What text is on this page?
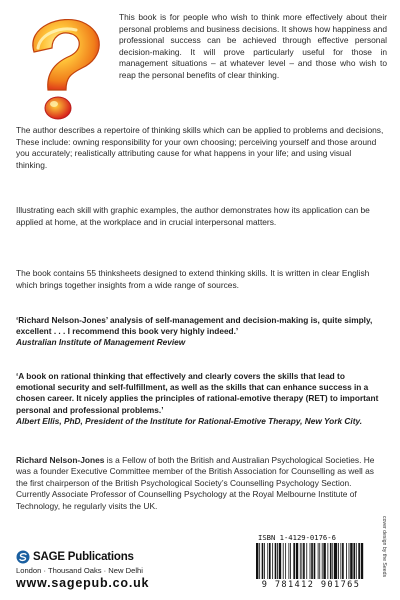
This book is for people who wish to think more effectively about their personal problems and business decisions. It shows how happiness and professional success can be achieved through effective personal decision-making. It will prove particularly useful for those in management situations – at whatever level – and those who wish to reap the personal benefits of clear thinking.
The author describes a repertoire of thinking skills which can be applied to problems and decisions, These include: owning responsibility for your own choosing; perceiving yourself and those around you accurately; realistically attributing cause for what happens in your life; and using visual thinking.
Illustrating each skill with graphic examples, the author demonstrates how its application can be applied at home, at the workplace and in crucial interpersonal matters.
The book contains 55 thinksheets designed to extend thinking skills. It is written in clear English which brings together insights from a wide range of sources.
‘Richard Nelson-Jones’ analysis of self-management and decision-making is, quite simply, excellent . . . I recommend this book very highly indeed.’
Australian Institute of Management Review
‘A book on rational thinking that effectively and clearly covers the skills that lead to emotional security and self-fulfillment, as well as the skills that can enhance success in a chosen career. It nicely applies the principles of rational-emotive therapy (RET) to important personal and professional problems.’
Albert Ellis, PhD, President of the Institute for Rational-Emotive Therapy, New York City.
Richard Nelson-Jones is a Fellow of both the British and Australian Psychological Societies. He was a founder Executive Committee member of the British Association for Counselling as well as the first chairperson of the British Psychological Society’s Counselling Psychology Section. Currently Associate Professor of Counselling Psychology at the Royal Melbourne Institute of Technology, he regularly visits the UK.
SAGE Publications
London · Thousand Oaks · New Delhi
www.sagepub.co.uk
ISBN 1-4129-0176-6
9 781412 901765
cover design by the Seeds
